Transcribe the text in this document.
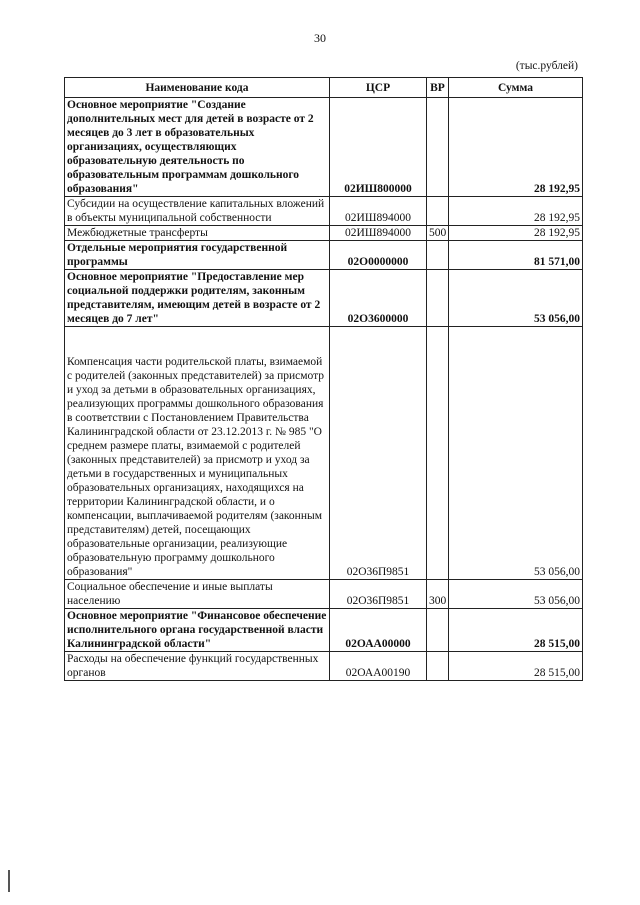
30
(тыс.рублей)
Наименование кода	ЦСР	ВР	Сумма
Основное мероприятие "Создание дополнительных мест для детей в возрасте от 2 месяцев до 3 лет в образовательных организациях, осуществляющих образовательную деятельность по образовательным программам дошкольного образования"	02ИШ800000		28 192,95
Субсидии на осуществление капитальных вложений в объекты муниципальной собственности	02ИШ894000		28 192,95
Межбюджетные трансферты	02ИШ894000	500	28 192,95
Отдельные мероприятия государственной программы	02О0000000		81 571,00
Основное мероприятие "Предоставление мер социальной поддержки родителям, законным представителям, имеющим детей в возрасте от 2 месяцев до 7 лет"	02О3600000		53 056,00

Компенсация части родительской платы, взимаемой с родителей (законных представителей) за присмотр и уход за детьми в образовательных организациях, реализующих программы дошкольного образования в соответствии с Постановлением Правительства Калининградской области от 23.12.2013 г. № 985 "О среднем размере платы, взимаемой с родителей (законных представителей) за присмотр и уход за детьми в государственных и муниципальных образовательных организациях, находящихся на территории Калининградской области, и о компенсации, выплачиваемой родителям (законным представителям) детей, посещающих образовательные организации, реализующие образовательную программу дошкольного образования"	02О36П9851		53 056,00
Социальное обеспечение и иные выплаты населению	02О36П9851	300	53 056,00
Основное мероприятие "Финансовое обеспечение исполнительного органа государственной власти Калининградской области"	02ОАА00000		28 515,00
Расходы на обеспечение функций государственных органов	02ОАА00190		28 515,00
